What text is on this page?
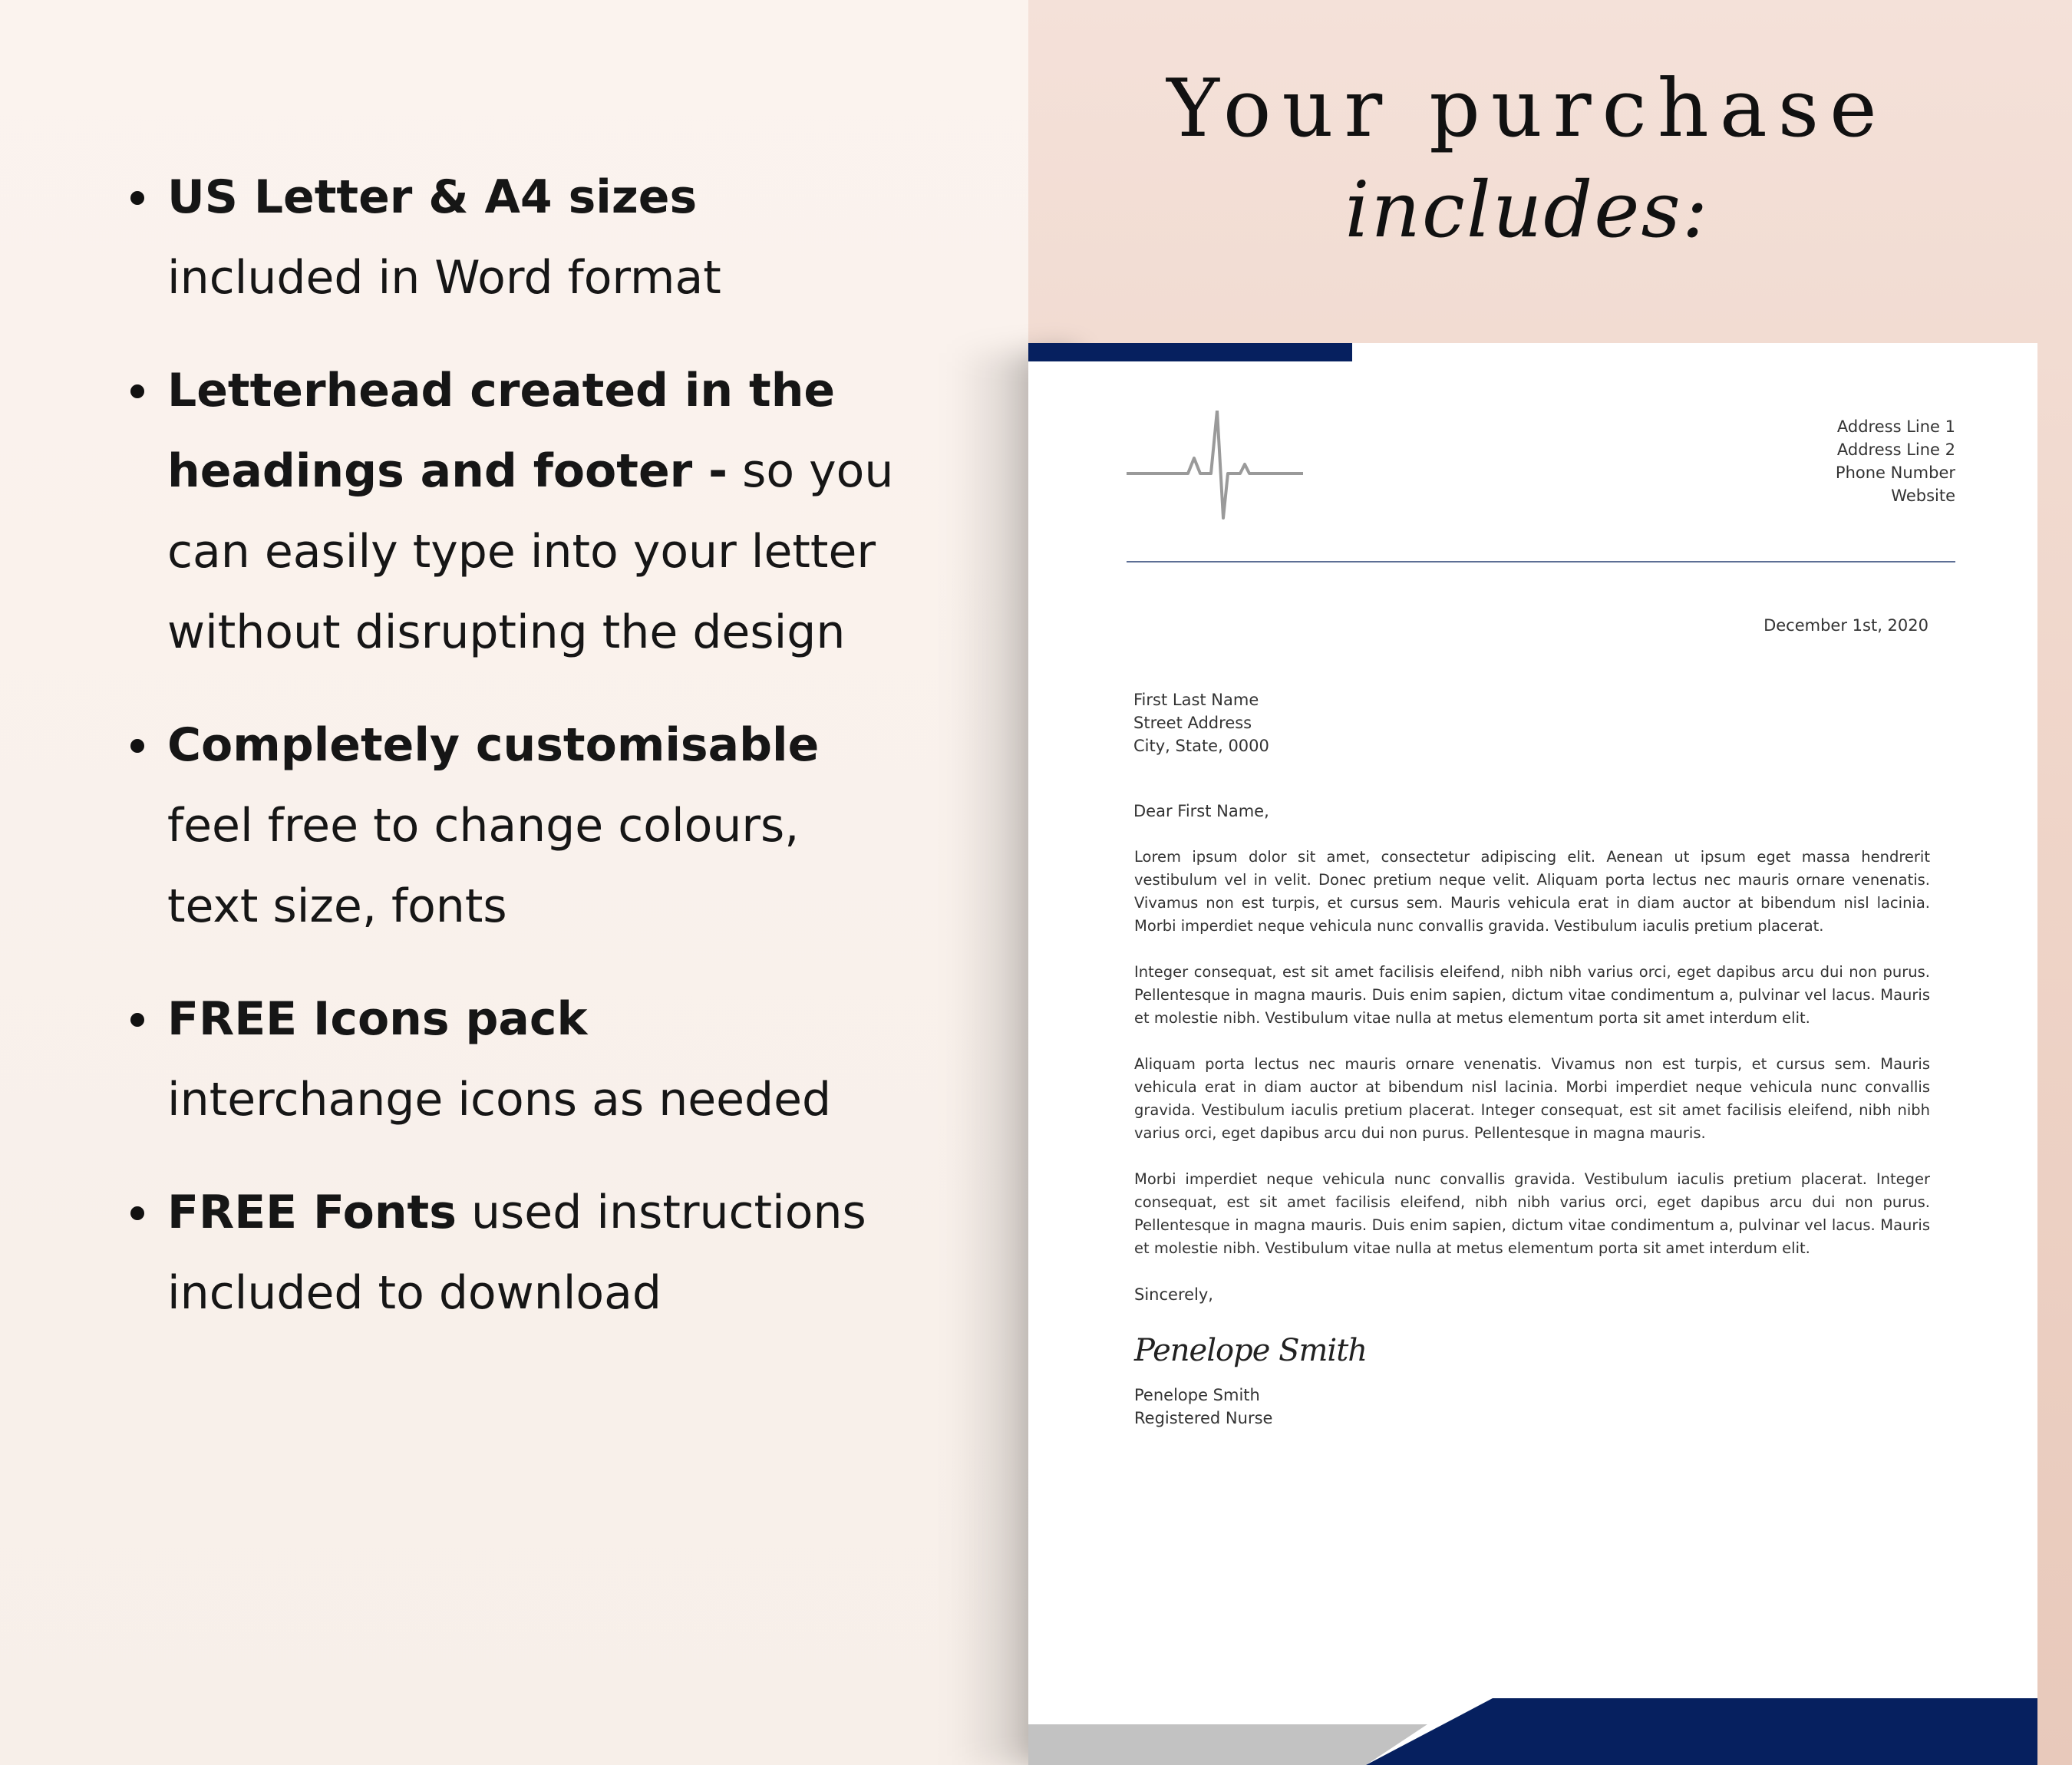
Your purchase
includes:
US Letter & A4 sizes
included in Word format
Letterhead created in the
headings and footer - so you
can easily type into your letter
without disrupting the design
Completely customisable
feel free to change colours,
text size, fonts
FREE Icons pack
interchange icons as needed
FREE Fonts used instructions
included to download
Address Line 1
Address Line 2
Phone Number
Website
December 1st, 2020
First Last Name
Street Address
City, State, 0000
Dear First Name,

Lorem ipsum dolor sit amet, consectetur adipiscing elit. Aenean ut ipsum eget massa hendrerit vestibulum vel in velit. Donec pretium neque velit. Aliquam porta lectus nec mauris ornare venenatis. Vivamus non est turpis, et cursus sem. Mauris vehicula erat in diam auctor at bibendum nisl lacinia. Morbi imperdiet neque vehicula nunc convallis gravida. Vestibulum iaculis pretium placerat.

Integer consequat, est sit amet facilisis eleifend, nibh nibh varius orci, eget dapibus arcu dui non purus. Pellentesque in magna mauris. Duis enim sapien, dictum vitae condimentum a, pulvinar vel lacus. Mauris et molestie nibh. Vestibulum vitae nulla at metus elementum porta sit amet interdum elit.

Aliquam porta lectus nec mauris ornare venenatis. Vivamus non est turpis, et cursus sem. Mauris vehicula erat in diam auctor at bibendum nisl lacinia. Morbi imperdiet neque vehicula nunc convallis gravida. Vestibulum iaculis pretium placerat. Integer consequat, est sit amet facilisis eleifend, nibh nibh varius orci, eget dapibus arcu dui non purus. Pellentesque in magna mauris.

Morbi imperdiet neque vehicula nunc convallis gravida. Vestibulum iaculis pretium placerat. Integer consequat, est sit amet facilisis eleifend, nibh nibh varius orci, eget dapibus arcu dui non purus. Pellentesque in magna mauris. Duis enim sapien, dictum vitae condimentum a, pulvinar vel lacus. Mauris et molestie nibh. Vestibulum vitae nulla at metus elementum porta sit amet interdum elit.

Sincerely,
Penelope Smith
Penelope Smith
Registered Nurse
